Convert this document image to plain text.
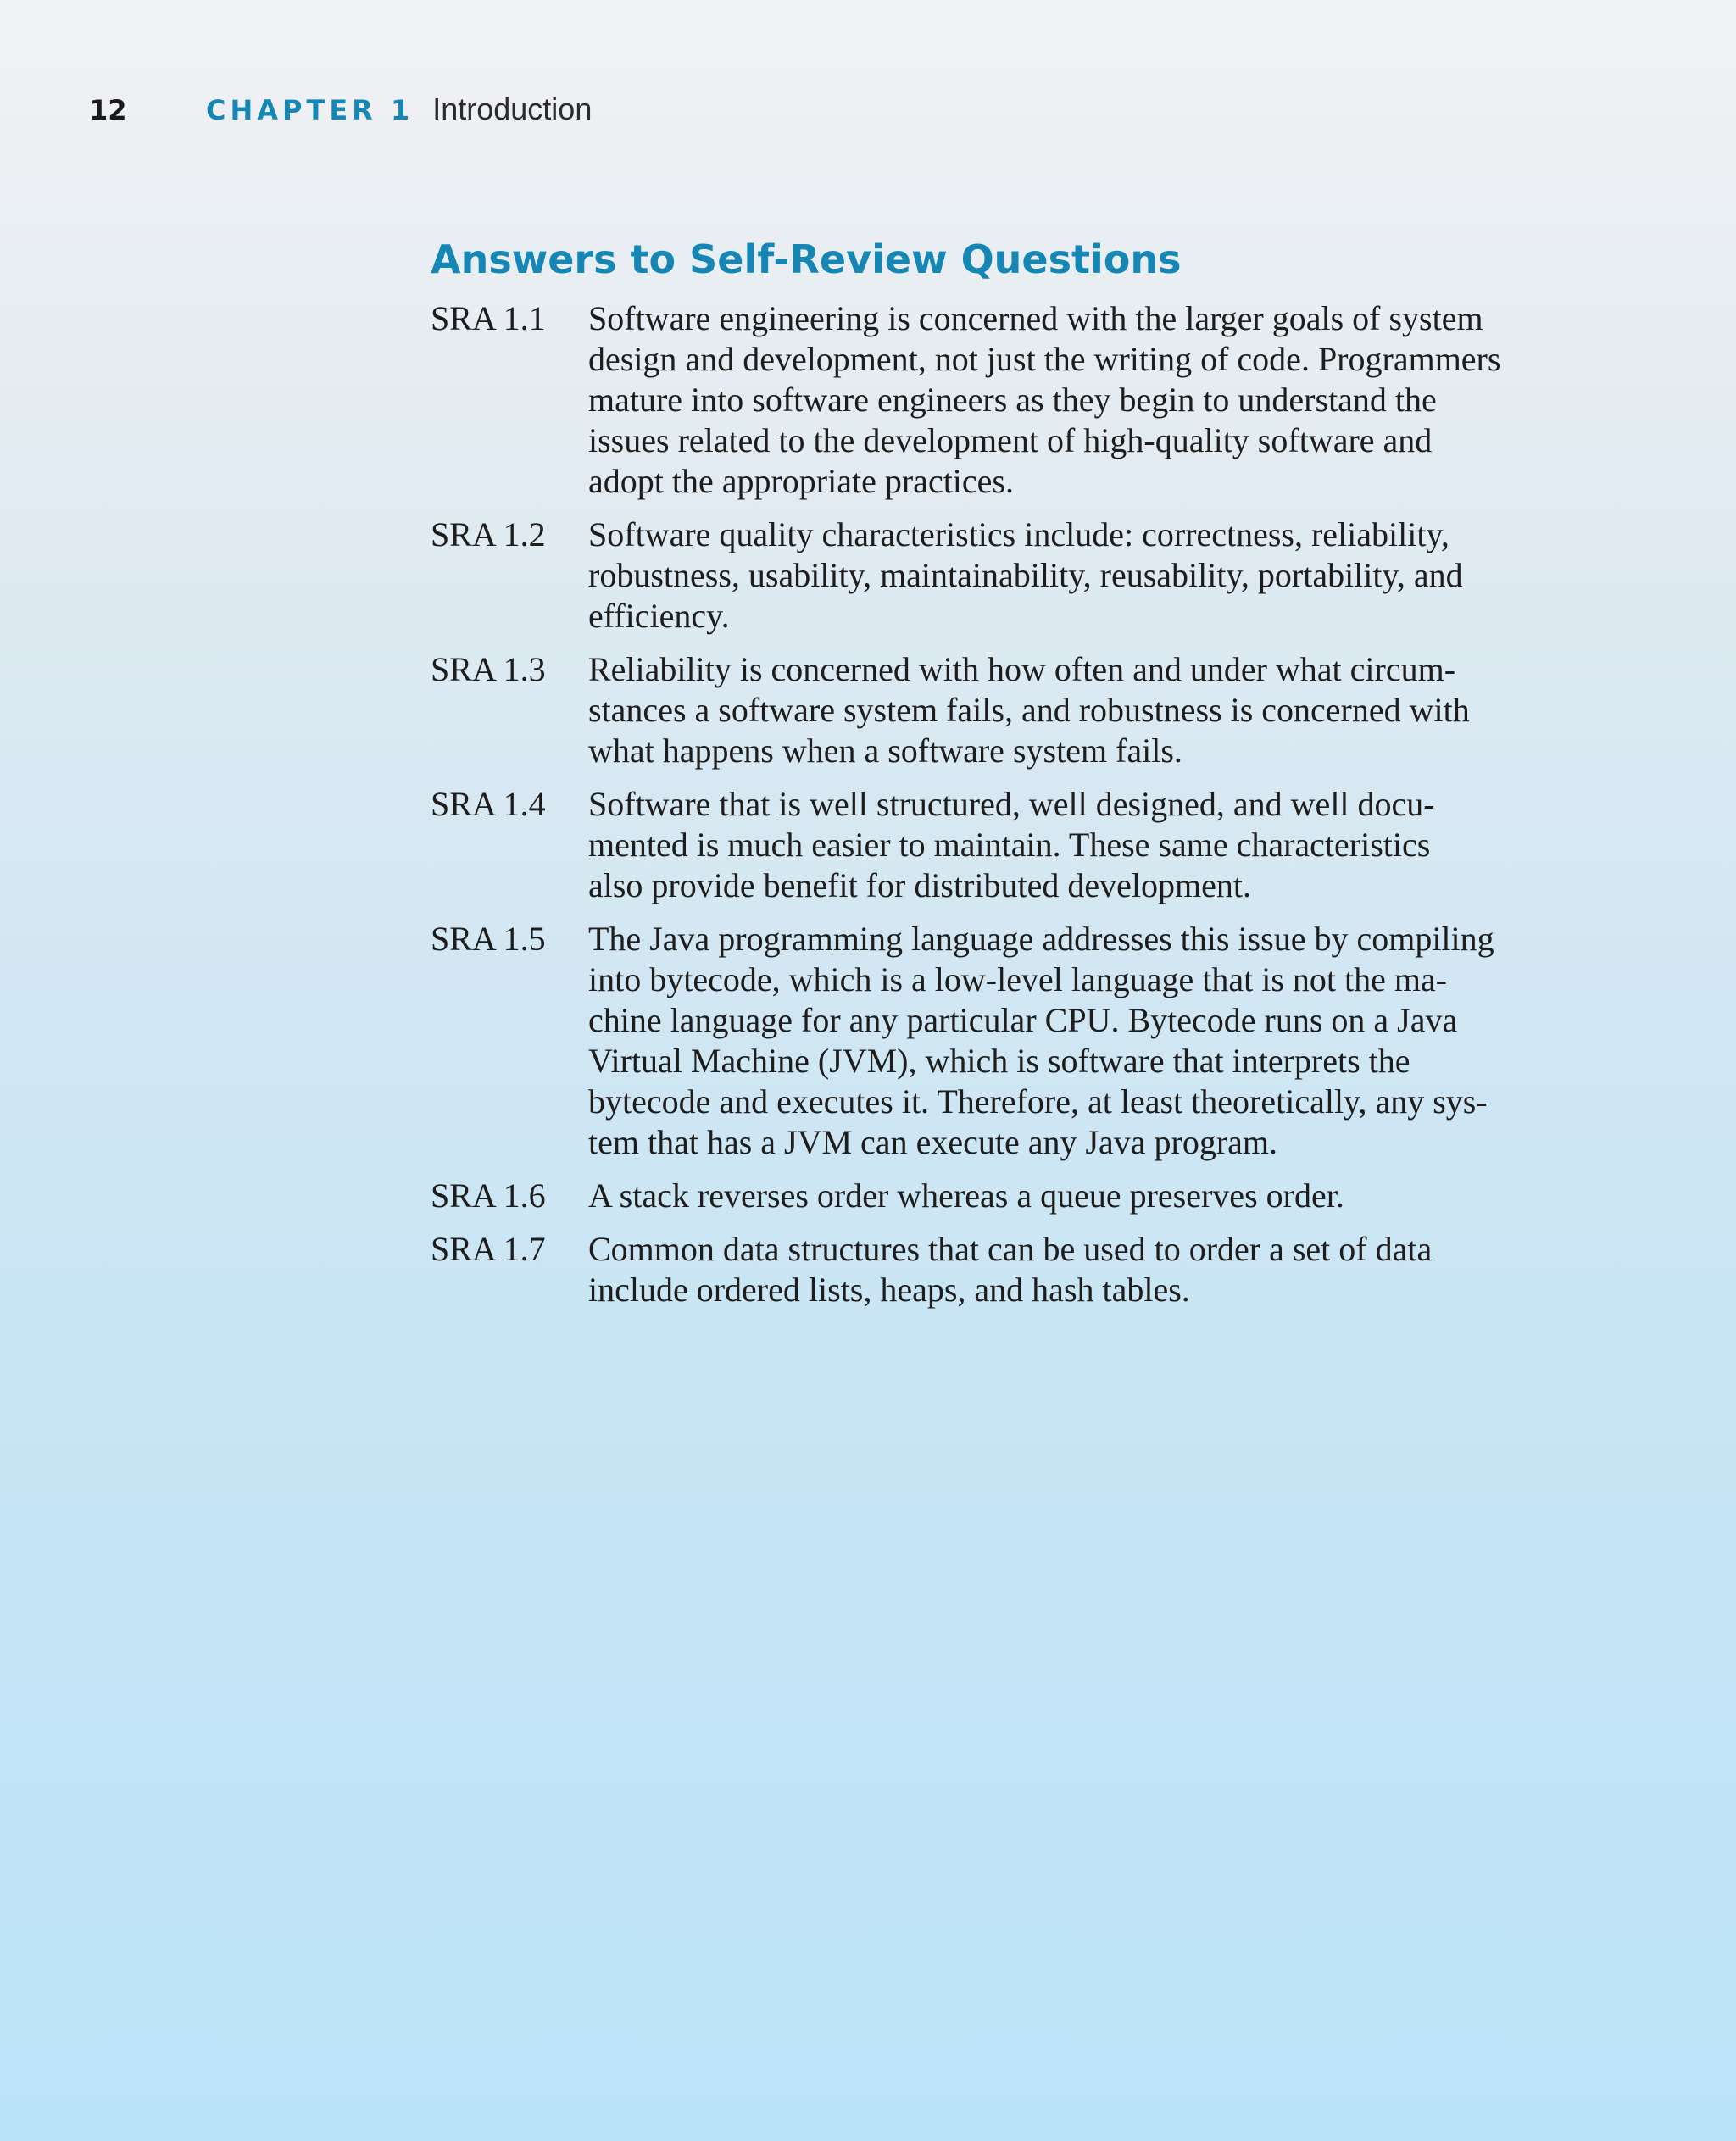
12	CHAPTER 1 Introduction
Answers to Self-Review Questions
SRA 1.1	Software engineering is concerned with the larger goals of system
design and development, not just the writing of code. Programmers
mature into software engineers as they begin to understand the
issues related to the development of high-quality software and
adopt the appropriate practices.
SRA 1.2	Software quality characteristics include: correctness, reliability,
robustness, usability, maintainability, reusability, portability, and
efficiency.
SRA 1.3	Reliability is concerned with how often and under what circum-
stances a software system fails, and robustness is concerned with
what happens when a software system fails.
SRA 1.4	Software that is well structured, well designed, and well docu-
mented is much easier to maintain. These same characteristics
also provide benefit for distributed development.
SRA 1.5	The Java programming language addresses this issue by compiling
into bytecode, which is a low-level language that is not the ma-
chine language for any particular CPU. Bytecode runs on a Java
Virtual Machine (JVM), which is software that interprets the
bytecode and executes it. Therefore, at least theoretically, any sys-
tem that has a JVM can execute any Java program.
SRA 1.6	A stack reverses order whereas a queue preserves order.
SRA 1.7	Common data structures that can be used to order a set of data
include ordered lists, heaps, and hash tables.
